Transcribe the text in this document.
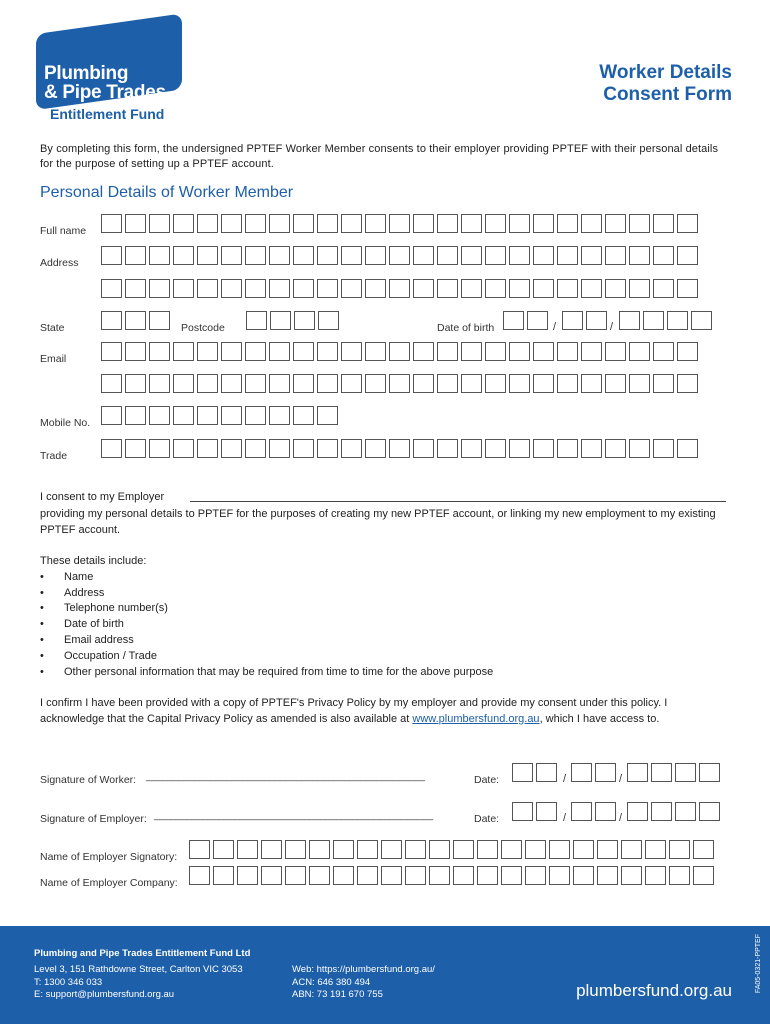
Plumbing
& Pipe Trades
Entitlement Fund
Worker Details
Consent Form
By completing this form, the undersigned PPTEF Worker Member consents to their employer providing PPTEF with their personal details for the purpose of setting up a PPTEF account.
Personal Details of Worker Member
Full name
Address
State	Postcode	Date of birth	/	/
Email
Mobile No.
Trade
I consent to my Employer
providing my personal details to PPTEF for the purposes of creating my new PPTEF account, or linking my new employment to my existing PPTEF account.
These details include:
• Name
• Address
• Telephone number(s)
• Date of birth
• Email address
• Occupation / Trade
• Other personal information that may be required from time to time for the above purpose
I confirm I have been provided with a copy of PPTEF's Privacy Policy by my employer and provide my consent under this policy. I acknowledge that the Capital Privacy Policy as amended is also available at www.plumbersfund.org.au, which I have access to.
Signature of Worker: ____________________________________________________	Date:	/	/
Signature of Employer: ____________________________________________________	Date:	/	/
Name of Employer Signatory:
Name of Employer Company:
Plumbing and Pipe Trades Entitlement Fund Ltd
Level 3, 151 Rathdowne Street, Carlton VIC 3053
T: 1300 346 033
E: support@plumbersfund.org.au
Web: https://plumbersfund.org.au/
ACN: 646 380 494
ABN: 73 191 670 755	plumbersfund.org.au	FA05-0321-PPTEF
